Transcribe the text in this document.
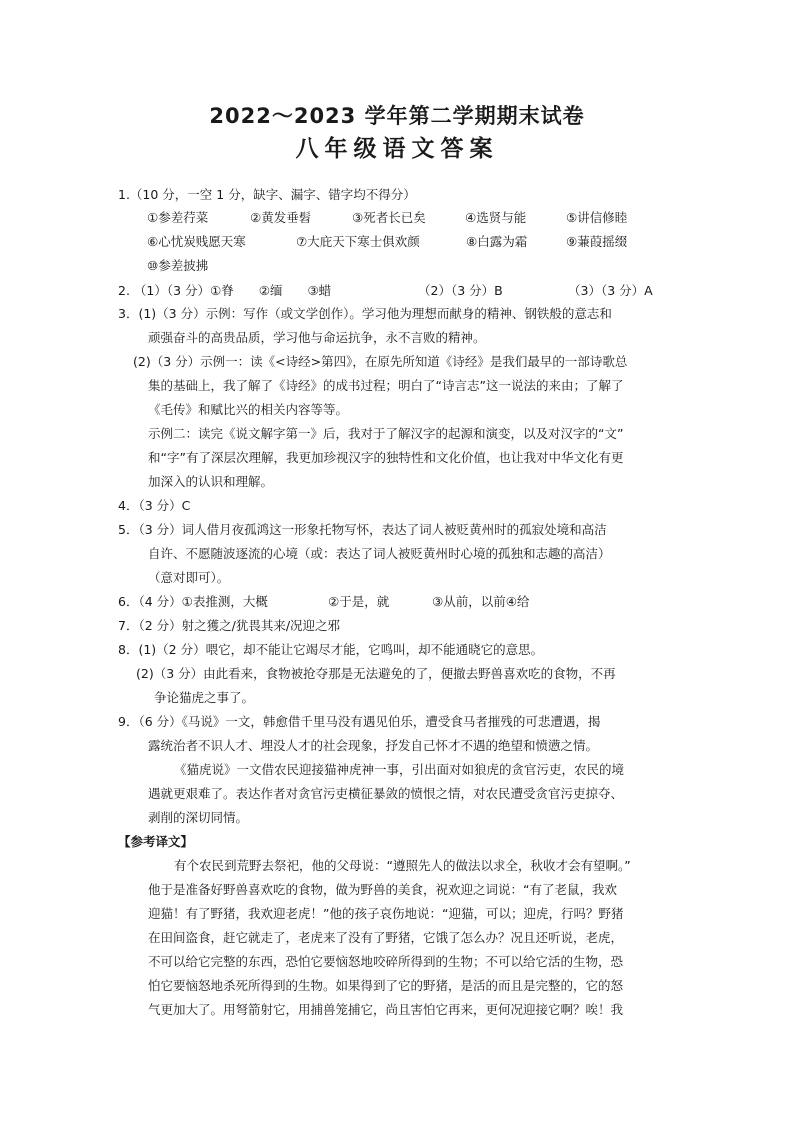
2022～2023 学年第二学期期末试卷
八年级语文答案
1.（10 分，一空 1 分，缺字、漏字、错字均不得分）
①参差荇菜	②黄发垂髫	③死者长已矣	④选贤与能	⑤讲信修睦
⑥心忧炭贱愿天寒	⑦大庇天下寒士俱欢颜	⑧白露为霜	⑨蒹葭摇缀
⑩参差披拂
2. （1）（3 分）①脊　　②缅　　③蜡	（2）（3 分）B	（3）（3 分）A
3．(1)（3 分）示例：写作（或文学创作）。学习他为理想而献身的精神、钢铁般的意志和
顽强奋斗的高贵品质，学习他与命运抗争，永不言败的精神。
(2)（3 分）示例一：读《<诗经>第四》，在原先所知道《诗经》是我们最早的一部诗歌总
集的基础上，我了解了《诗经》的成书过程；明白了“诗言志”这一说法的来由；了解了
《毛传》和赋比兴的相关内容等等。
示例二：读完《说文解字第一》后，我对于了解汉字的起源和演变，以及对汉字的“文”
和“字”有了深层次理解，我更加珍视汉字的独特性和文化价值，也让我对中华文化有更
加深入的认识和理解。
4．（3 分）C
5．（3 分）词人借月夜孤鸿这一形象托物写怀，表达了词人被贬黄州时的孤寂处境和高洁
自许、不愿随波逐流的心境（或：表达了词人被贬黄州时心境的孤独和志趣的高洁）
（意对即可）。
6．（4 分）①表推测，大概	②于是，就	③从前，以前④给
7．（2 分）射之獲之/犹畏其来/况迎之邪
8．(1)（2 分）喂它，却不能让它竭尽才能，它鸣叫，却不能通晓它的意思。
(2)（3 分）由此看来，食物被抢夺那是无法避免的了，便撤去野兽喜欢吃的食物，不再
争论猫虎之事了。
9．（6 分）《马说》一文，韩愈借千里马没有遇见伯乐，遭受食马者摧残的可悲遭遇，揭
露统治者不识人才、埋没人才的社会现象，抒发自己怀才不遇的绝望和愤懑之情。
《猫虎说》一文借农民迎接猫神虎神一事，引出面对如狼虎的贪官污吏，农民的境
遇就更艰难了。表达作者对贪官污吏横征暴敛的愤恨之情，对农民遭受贪官污吏掠夺、
剥削的深切同情。
【参考译文】
有个农民到荒野去祭祀，他的父母说：“遵照先人的做法以求全，秋收才会有望啊。”
他于是准备好野兽喜欢吃的食物，做为野兽的美食，祝欢迎之词说：“有了老鼠，我欢
迎猫！有了野猪，我欢迎老虎！”他的孩子哀伤地说：“迎猫，可以；迎虎，行吗？野猪
在田间盗食，赶它就走了，老虎来了没有了野猪，它饿了怎么办？况且还听说，老虎，
不可以给它完整的东西，恐怕它要恼怒地咬碎所得到的生物；不可以给它活的生物，恐
怕它要恼怒地杀死所得到的生物。如果得到了它的野猪，是活的而且是完整的，它的怒
气更加大了。用弩箭射它，用捕兽笼捕它，尚且害怕它再来，更何况迎接它啊？唉！我
